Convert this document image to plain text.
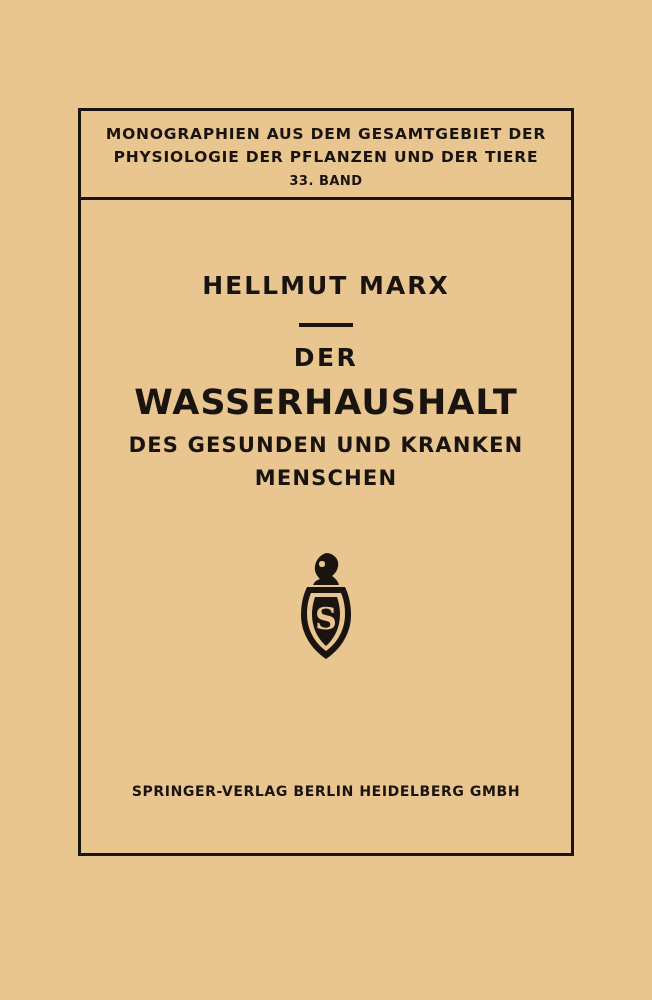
MONOGRAPHIEN AUS DEM GESAMTGEBIET DER
PHYSIOLOGIE DER PFLANZEN UND DER TIERE
33. BAND
HELLMUT MARX
DER
WASSERHAUSHALT
DES GESUNDEN UND KRANKEN
MENSCHEN
S
SPRINGER-VERLAG BERLIN HEIDELBERG GMBH
